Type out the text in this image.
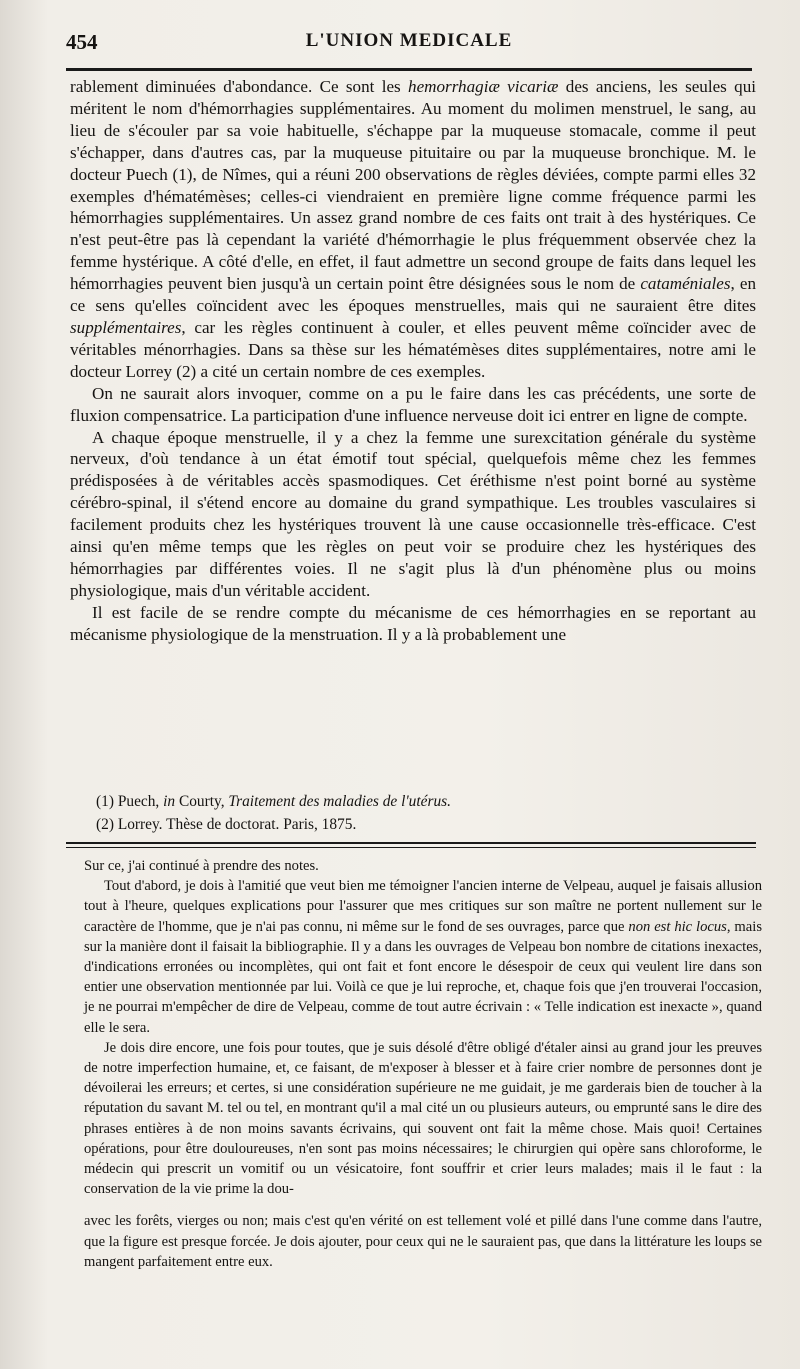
454	L'UNION MEDICALE

rablement diminuées d'abondance. Ce sont les hemorrhagiæ vicariæ des anciens, les seules qui méritent le nom d'hémorrhagies supplémentaires. Au moment du molimen menstruel, le sang, au lieu de s'écouler par sa voie habituelle, s'échappe par la muqueuse stomacale, comme il peut s'échapper, dans d'autres cas, par la muqueuse pituitaire ou par la muqueuse bronchique. M. le docteur Puech (1), de Nîmes, qui a réuni 200 observations de règles déviées, compte parmi elles 32 exemples d'hématémèses; celles-ci viendraient en première ligne comme fréquence parmi les hémorrhagies supplémentaires. Un assez grand nombre de ces faits ont trait à des hystériques. Ce n'est peut-être pas là cependant la variété d'hémorrhagie le plus fréquemment observée chez la femme hystérique. A côté d'elle, en effet, il faut admettre un second groupe de faits dans lequel les hémorrhagies peuvent bien jusqu'à un certain point être désignées sous le nom de cataméniales, en ce sens qu'elles coïncident avec les époques menstruelles, mais qui ne sauraient être dites supplémentaires, car les règles continuent à couler, et elles peuvent même coïncider avec de véritables ménorrhagies. Dans sa thèse sur les hématémèses dites supplémentaires, notre ami le docteur Lorrey (2) a cité un certain nombre de ces exemples.

On ne saurait alors invoquer, comme on a pu le faire dans les cas précédents, une sorte de fluxion compensatrice. La participation d'une influence nerveuse doit ici entrer en ligne de compte.

A chaque époque menstruelle, il y a chez la femme une surexcitation générale du système nerveux, d'où tendance à un état émotif tout spécial, quelquefois même chez les femmes prédisposées à de véritables accès spasmodiques. Cet éréthisme n'est point borné au système cérébro-spinal, il s'étend encore au domaine du grand sympathique. Les troubles vasculaires si facilement produits chez les hystériques trouvent là une cause occasionnelle très-efficace. C'est ainsi qu'en même temps que les règles on peut voir se produire chez les hystériques des hémorrhagies par différentes voies. Il ne s'agit plus là d'un phénomène plus ou moins physiologique, mais d'un véritable accident.

Il est facile de se rendre compte du mécanisme de ces hémorrhagies en se reportant au mécanisme physiologique de la menstruation. Il y a là probablement une

(1) Puech, in Courty, Traitement des maladies de l'utérus.

(2) Lorrey. Thèse de doctorat. Paris, 1875.

Sur ce, j'ai continué à prendre des notes.

Tout d'abord, je dois à l'amitié que veut bien me témoigner l'ancien interne de Velpeau, auquel je faisais allusion tout à l'heure, quelques explications pour l'assurer que mes critiques sur son maître ne portent nullement sur le caractère de l'homme, que je n'ai pas connu, ni même sur le fond de ses ouvrages, parce que non est hic locus, mais sur la manière dont il faisait la bibliographie. Il y a dans les ouvrages de Velpeau bon nombre de citations inexactes, d'indications erronées ou incomplètes, qui ont fait et font encore le désespoir de ceux qui veulent lire dans son entier une observation mentionnée par lui. Voilà ce que je lui reproche, et, chaque fois que j'en trouverai l'occasion, je ne pourrai m'empêcher de dire de Velpeau, comme de tout autre écrivain : « Telle indication est inexacte », quand elle le sera.

Je dois dire encore, une fois pour toutes, que je suis désolé d'être obligé d'étaler ainsi au grand jour les preuves de notre imperfection humaine, et, ce faisant, de m'exposer à blesser et à faire crier nombre de personnes dont je dévoilerai les erreurs; et certes, si une considération supérieure ne me guidait, je me garderais bien de toucher à la réputation du savant M. tel ou tel, en montrant qu'il a mal cité un ou plusieurs auteurs, ou emprunté sans le dire des phrases entières à de non moins savants écrivains, qui souvent ont fait la même chose. Mais quoi! Certaines opérations, pour être douloureuses, n'en sont pas moins nécessaires; le chirurgien qui opère sans chloroforme, le médecin qui prescrit un vomitif ou un vésicatoire, font souffrir et crier leurs malades; mais il le faut : la conservation de la vie prime la dou-

avec les forêts, vierges ou non; mais c'est qu'en vérité on est tellement volé et pillé dans l'une comme dans l'autre, que la figure est presque forcée. Je dois ajouter, pour ceux qui ne le sauraient pas, que dans la littérature les loups se mangent parfaitement entre eux.
